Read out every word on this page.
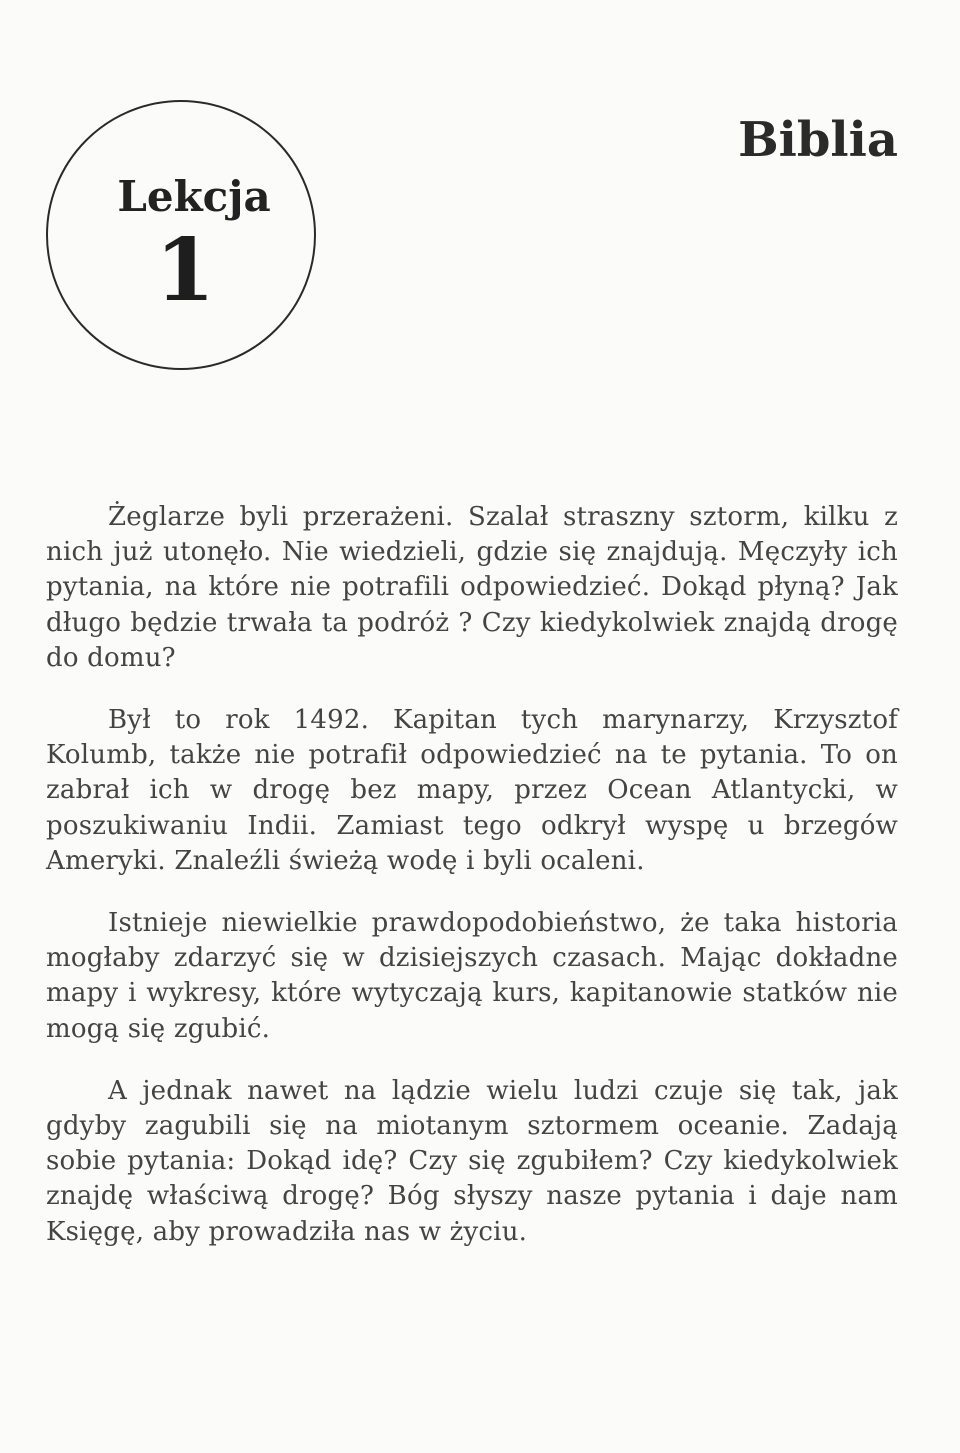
Lekcja
1
Biblia

Żeglarze byli przerażeni. Szalał straszny sztorm, kilku z nich już utonęło. Nie wiedzieli, gdzie się znajdują. Męczyły ich pytania, na które nie potrafili odpowiedzieć. Dokąd płyną? Jak długo będzie trwała ta podróż ? Czy kiedykolwiek znajdą drogę do domu?

Był to rok 1492. Kapitan tych marynarzy, Krzysztof Kolumb, także nie potrafił odpowiedzieć na te pytania. To on zabrał ich w drogę bez mapy, przez Ocean Atlantycki, w poszukiwaniu Indii. Zamiast tego odkrył wyspę u brzegów Ameryki. Znaleźli świeżą wodę i byli ocaleni.

Istnieje niewielkie prawdopodobieństwo, że taka historia mogłaby zdarzyć się w dzisiejszych czasach. Mając dokładne mapy i wykresy, które wytyczają kurs, kapitanowie statków nie mogą się zgubić.

A jednak nawet na lądzie wielu ludzi czuje się tak, jak gdyby zagubili się na miotanym sztormem oceanie. Zadają sobie pytania: Dokąd idę? Czy się zgubiłem? Czy kiedykolwiek znajdę właściwą drogę? Bóg słyszy nasze pytania i daje nam Księgę, aby prowadziła nas w życiu.
